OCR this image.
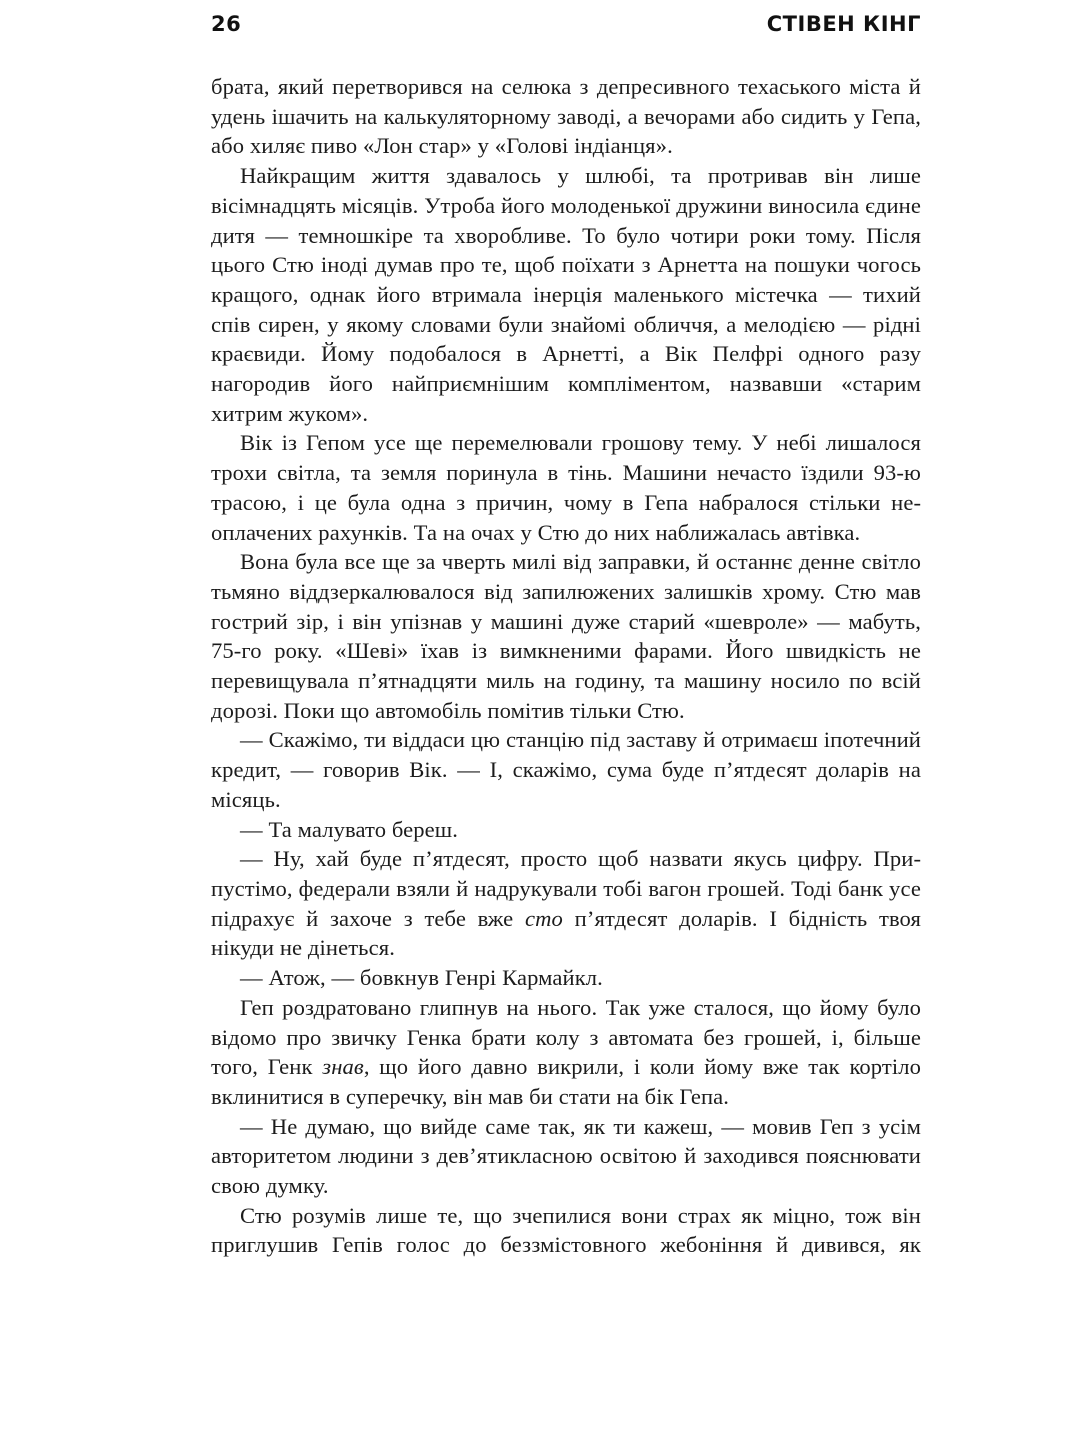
26	СТІВЕН КІНГ

брата, який перетворився на селюка з депресивного техаського міста й удень ішачить на калькуляторному заводі, а вечорами або сидить у Гепа, або хиляє пиво «Лон стар» у «Голові індіанця».

Найкращим життя здавалось у шлюбі, та протривав він лише вісімнадцять місяців. Утроба його молоденької дружини виносила єдине дитя — темношкіре та хворобливе. То було чотири роки тому. Після цього Стю іноді думав про те, щоб поїхати з Арнетта на пошуки чогось кращого, однак його втримала інерція маленького містечка — тихий спів сирен, у якому словами були знайомі обличчя, а мелодією — рідні краєвиди. Йому подобалося в Арнетті, а Вік Пелфрі одного разу нагородив його найприємнішим компліментом, назвавши «старим хитрим жуком».

Вік із Гепом усе ще перемелювали грошову тему. У небі лишалося трохи світла, та земля поринула в тінь. Машини нечасто їздили 93-ю трасою, і це була одна з причин, чому в Гепа набралося стільки неоплачених рахунків. Та на очах у Стю до них наближалась автівка.

Вона була все ще за чверть милі від заправки, й останнє денне світло тьмяно віддзеркалювалося від запилюжених залишків хрому. Стю мав гострий зір, і він упізнав у машині дуже старий «шевроле» — мабуть, 75-го року. «Шеві» їхав із вимкненими фарами. Його швидкість не перевищувала п’ятнадцяти миль на годину, та машину носило по всій дорозі. Поки що автомобіль помітив тільки Стю.

— Скажімо, ти віддаси цю станцію під заставу й отримаєш іпотечний кредит, — говорив Вік. — І, скажімо, сума буде п’ятдесят доларів на місяць.

— Та малувато береш.

— Ну, хай буде п’ятдесят, просто щоб назвати якусь цифру. Припустімо, федерали взяли й надрукували тобі вагон грошей. Тоді банк усе підрахує й захоче з тебе вже сто п’ятдесят доларів. І бідність твоя нікуди не дінеться.

— Атож, — бовкнув Генрі Кармайкл.

Геп роздратовано глипнув на нього. Так уже сталося, що йому було відомо про звичку Генка брати колу з автомата без грошей, і, більше того, Генк знав, що його давно викрили, і коли йому вже так кортіло вклинитися в суперечку, він мав би стати на бік Гепа.

— Не думаю, що вийде саме так, як ти кажеш, — мовив Геп з усім авторитетом людини з дев’ятикласною освітою й заходився пояснювати свою думку.

Стю розумів лише те, що зчепилися вони страх як міцно, тож він приглушив Гепів голос до беззмістовного жебоніння й дивився, як
